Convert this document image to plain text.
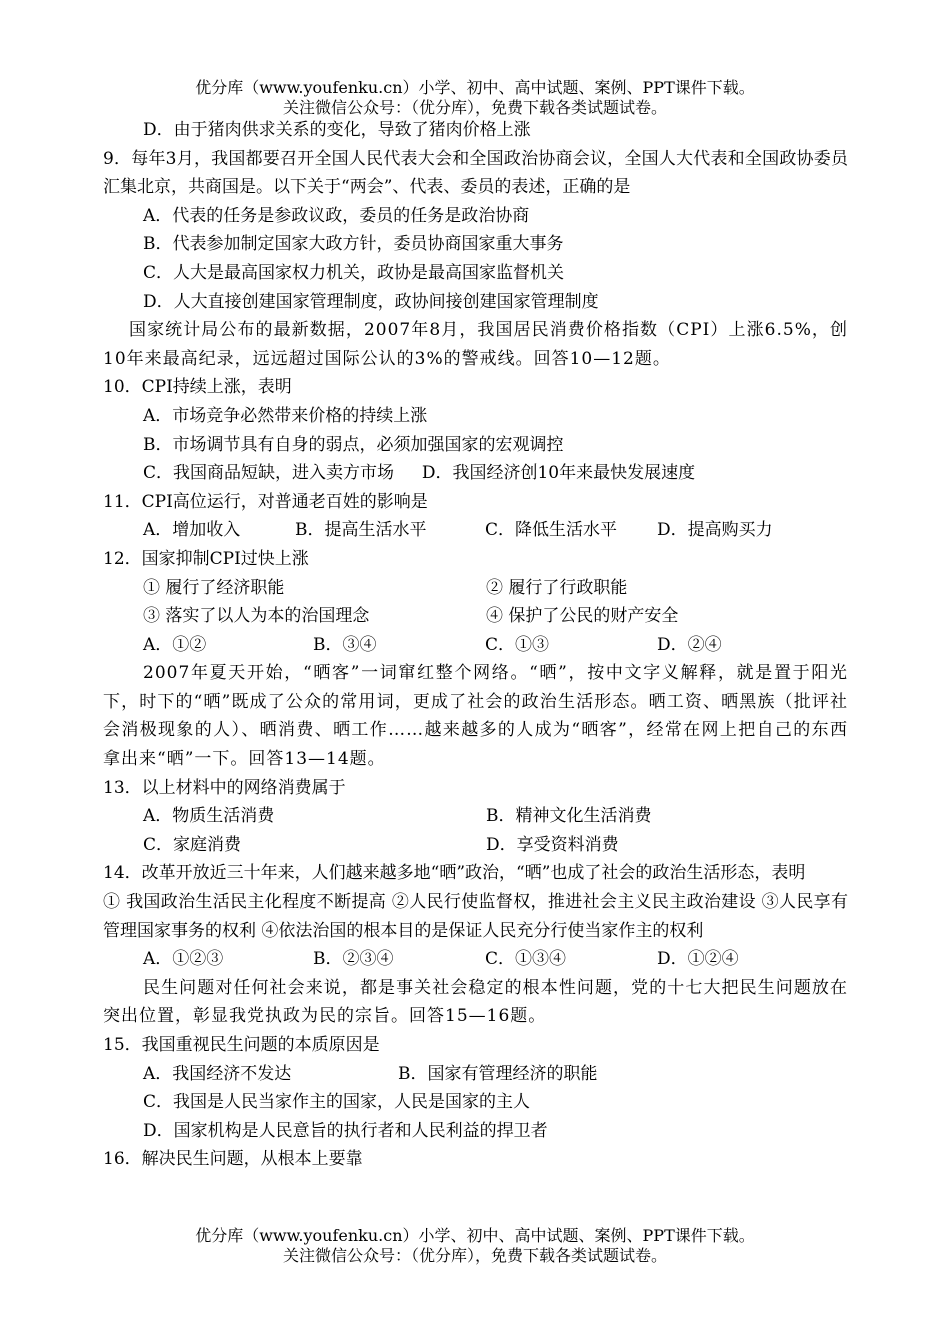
优分库（www.youfenku.cn）小学、初中、高中试题、案例、PPT课件下载。
关注微信公众号：（优分库），免费下载各类试题试卷。
D．由于猪肉供求关系的变化，导致了猪肉价格上涨
9．每年3月，我国都要召开全国人民代表大会和全国政治协商会议，全国人大代表和全国政协委员汇集北京，共商国是。以下关于“两会”、代表、委员的表述，正确的是
A．代表的任务是参政议政，委员的任务是政治协商
B．代表参加制定国家大政方针，委员协商国家重大事务
C．人大是最高国家权力机关，政协是最高国家监督机关
D．人大直接创建国家管理制度，政协间接创建国家管理制度
国家统计局公布的最新数据，2007年8月，我国居民消费价格指数（CPI）上涨6.5%，创10年来最高纪录，远远超过国际公认的3%的警戒线。回答10—12题。
10．CPI持续上涨，表明
A．市场竞争必然带来价格的持续上涨
B．市场调节具有自身的弱点，必须加强国家的宏观调控
C．我国商品短缺，进入卖方市场　  D．我国经济创10年来最快发展速度
11．CPI高位运行，对普通老百姓的影响是
A．增加收入	B．提高生活水平	C．降低生活水平	D．提高购买力
12．国家抑制CPI过快上涨
① 履行了经济职能	② 履行了行政职能
③ 落实了以人为本的治国理念	④ 保护了公民的财产安全
A．①②	B．③④	C．①③	D．②④
2007年夏天开始，“晒客”一词窜红整个网络。“晒”，按中文字义解释，就是置于阳光下，时下的“晒”既成了公众的常用词，更成了社会的政治生活形态。晒工资、晒黑族（批评社会消极现象的人）、晒消费、晒工作……越来越多的人成为“晒客”，经常在网上把自己的东西拿出来“晒”一下。回答13—14题。
13．以上材料中的网络消费属于
A．物质生活消费	B．精神文化生活消费
C．家庭消费	D．享受资料消费
14．改革开放近三十年来，人们越来越多地“晒”政治，“晒”也成了社会的政治生活形态，表明
① 我国政治生活民主化程度不断提高 ②人民行使监督权，推进社会主义民主政治建设 ③人民享有管理国家事务的权利 ④依法治国的根本目的是保证人民充分行使当家作主的权利
A．①②③	B．②③④	C．①③④	D．①②④
民生问题对任何社会来说，都是事关社会稳定的根本性问题，党的十七大把民生问题放在突出位置，彰显我党执政为民的宗旨。回答15—16题。
15．我国重视民生问题的本质原因是
A．我国经济不发达	B．国家有管理经济的职能
C．我国是人民当家作主的国家，人民是国家的主人
D．国家机构是人民意旨的执行者和人民利益的捍卫者
16．解决民生问题，从根本上要靠
优分库（www.youfenku.cn）小学、初中、高中试题、案例、PPT课件下载。
关注微信公众号：（优分库），免费下载各类试题试卷。
